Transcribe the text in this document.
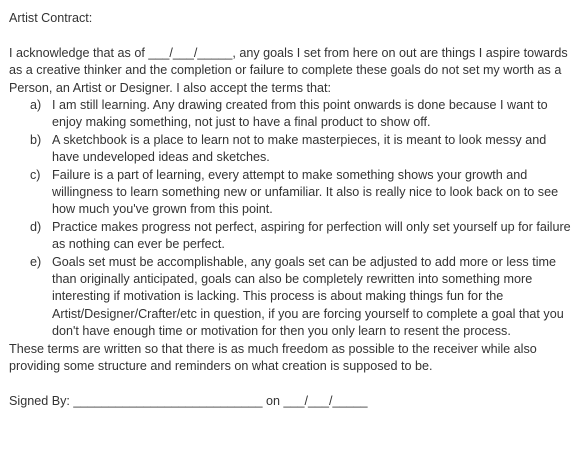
Artist Contract:

I acknowledge that as of ___/___/_____, any goals I set from here on out are things I aspire towards as a creative thinker and the completion or failure to complete these goals do not set my worth as a Person, an Artist or Designer. I also accept the terms that:

a) I am still learning. Any drawing created from this point onwards is done because I want to enjoy making something, not just to have a final product to show off.
b) A sketchbook is a place to learn not to make masterpieces, it is meant to look messy and have undeveloped ideas and sketches.
c) Failure is a part of learning, every attempt to make something shows your growth and willingness to learn something new or unfamiliar. It also is really nice to look back on to see how much you've grown from this point.
d) Practice makes progress not perfect, aspiring for perfection will only set yourself up for failure as nothing can ever be perfect.
e) Goals set must be accomplishable, any goals set can be adjusted to add more or less time than originally anticipated, goals can also be completely rewritten into something more interesting if motivation is lacking. This process is about making things fun for the Artist/Designer/Crafter/etc in question, if you are forcing yourself to complete a goal that you don't have enough time or motivation for then you only learn to resent the process.

These terms are written so that there is as much freedom as possible to the receiver while also providing some structure and reminders on what creation is supposed to be.

Signed By: ___________________________ on ___/___/_____
